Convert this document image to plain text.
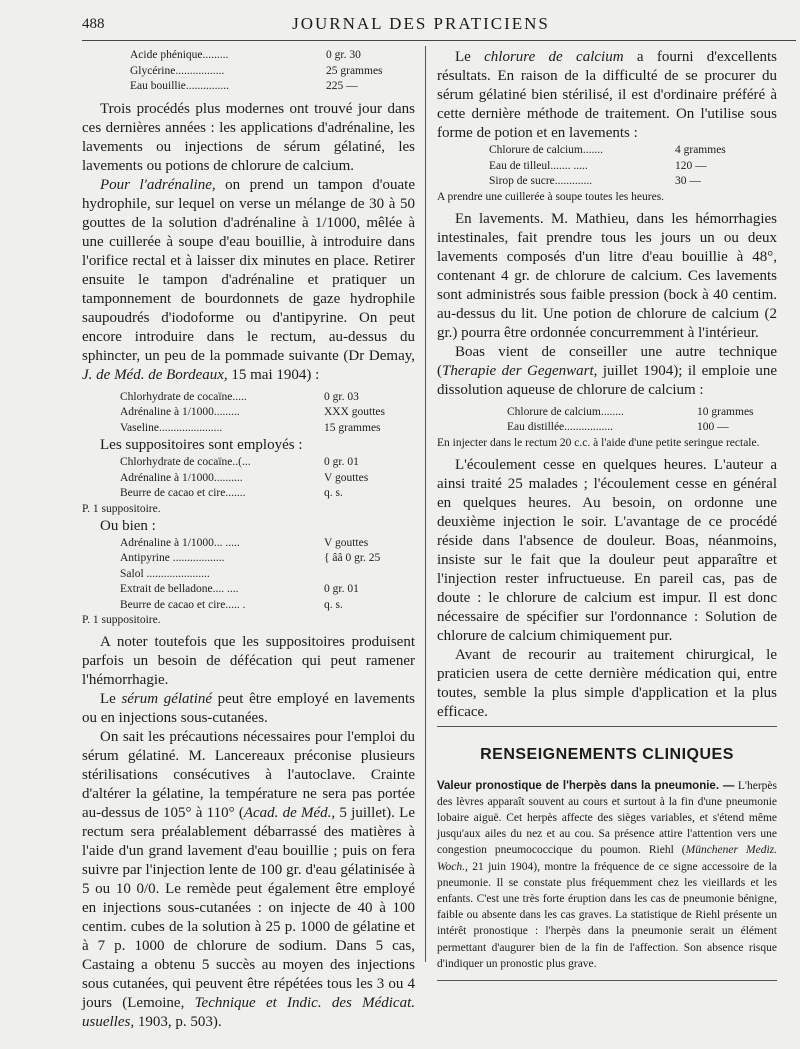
488	JOURNAL DES PRATICIENS
Acide phénique.........	0 gr. 30
Glycérine.................	25 grammes
Eau bouillie...............	225 —

Trois procédés plus modernes ont trouvé jour dans ces dernières années : les applications d'adrénaline, les lavements ou injections de sérum gélatiné, les lavements ou potions de chlorure de calcium.

Pour l'adrénaline, on prend un tampon d'ouate hydrophile, sur lequel on verse un mélange de 30 à 50 gouttes de la solution d'adrénaline à 1/1000, mêlée à une cuillerée à soupe d'eau bouillie, à introduire dans l'orifice rectal et à laisser dix minutes en place. Retirer ensuite le tampon d'adrénaline et pratiquer un tamponnement de bourdonnets de gaze hydrophile saupoudrés d'iodoforme ou d'antipyrine. On peut encore introduire dans le rectum, au-dessus du sphincter, un peu de la pommade suivante (Dr Demay, J. de Méd. de Bordeaux, 15 mai 1904) :

Chlorhydrate de cocaïne.....	0 gr. 03
Adrénaline à 1/1000.........	XXX gouttes
Vaseline......................	15 grammes

Les suppositoires sont employés :

Chlorhydrate de cocaïne..(...	0 gr. 01
Adrénaline à 1/1000..........	V gouttes
Beurre de cacao et cire.......	q. s.
P. 1 suppositoire.

Ou bien :

Adrénaline à 1/1000... .....	V gouttes
Antipyrine ..................	{ ââ 0 gr. 25
Salol ......................
Extrait de belladone.... ....	0 gr. 01
Beurre de cacao et cire..... .	q. s.
P. 1 suppositoire.

A noter toutefois que les suppositoires produisent parfois un besoin de défécation qui peut ramener l'hémorrhagie.

Le sérum gélatiné peut être employé en lavements ou en injections sous-cutanées.

On sait les précautions nécessaires pour l'emploi du sérum gélatiné. M. Lancereaux préconise plusieurs stérilisations consécutives à l'autoclave. Crainte d'altérer la gélatine, la température ne sera pas portée au-dessus de 105° à 110° (Acad. de Méd., 5 juillet). Le rectum sera préalablement débarrassé des matières à l'aide d'un grand lavement d'eau bouillie ; puis on fera suivre par l'injection lente de 100 gr. d'eau gélatinisée à 5 ou 10 0/0. Le remède peut également être employé en injections sous-cutanées : on injecte de 40 à 100 centim. cubes de la solution à 25 p. 1000 de gélatine et à 7 p. 1000 de chlorure de sodium. Dans 5 cas, Castaing a obtenu 5 succès au moyen des injections sous cutanées, qui peuvent être répétées tous les 3 ou 4 jours (Lemoine, Technique et Indic. des Médicat. usuelles, 1903, p. 503).

Le chlorure de calcium a fourni d'excellents résultats. En raison de la difficulté de se procurer du sérum gélatiné bien stérilisé, il est d'ordinaire préféré à cette dernière méthode de traitement. On l'utilise sous forme de potion et en lavements :

Chlorure de calcium.......	4 grammes
Eau de tilleul....... .....	120 —
Sirop de sucre.............	30 —
A prendre une cuillerée à soupe toutes les heures.

En lavements. M. Mathieu, dans les hémorrhagies intestinales, fait prendre tous les jours un ou deux lavements composés d'un litre d'eau bouillie à 48°, contenant 4 gr. de chlorure de calcium. Ces lavements sont administrés sous faible pression (bock à 40 centim. au-dessus du lit. Une potion de chlorure de calcium (2 gr.) pourra être ordonnée concurremment à l'intérieur.

Boas vient de conseiller une autre technique (Therapie der Gegenwart, juillet 1904); il emploie une dissolution aqueuse de chlorure de calcium :

Chlorure de calcium........	10 grammes
Eau distillée.................	100 —
En injecter dans le rectum 20 c.c. à l'aide d'une petite seringue rectale.

L'écoulement cesse en quelques heures. L'auteur a ainsi traité 25 malades ; l'écoulement cesse en général en quelques heures. Au besoin, on ordonne une deuxième injection le soir. L'avantage de ce procédé réside dans l'absence de douleur. Boas, néanmoins, insiste sur le fait que la douleur peut apparaître et l'injection rester infructueuse. En pareil cas, pas de doute : le chlorure de calcium est impur. Il est donc nécessaire de spécifier sur l'ordonnance : Solution de chlorure de calcium chimiquement pur.

Avant de recourir au traitement chirurgical, le praticien usera de cette dernière médication qui, entre toutes, semble la plus simple d'application et la plus efficace.

RENSEIGNEMENTS CLINIQUES
Valeur pronostique de l'herpès dans la pneumonie. — L'herpès des lèvres apparaît souvent au cours et surtout à la fin d'une pneumonie lobaire aiguë. Cet herpès affecte des sièges variables, et s'étend même jusqu'aux ailes du nez et au cou. Sa présence attire l'attention vers une congestion pneumococcique du poumon. Riehl (Münchener Mediz. Woch., 21 juin 1904), montre la fréquence de ce signe accessoire de la pneumonie. Il se constate plus fréquemment chez les vieillards et les enfants. C'est une très forte éruption dans les cas de pneumonie bénigne, faible ou absente dans les cas graves. La statistique de Riehl présente un intérêt pronostique : l'herpès dans la pneumonie serait un élément permettant d'augurer bien de la fin de l'affection. Son absence risque d'indiquer un pronostic plus grave.
